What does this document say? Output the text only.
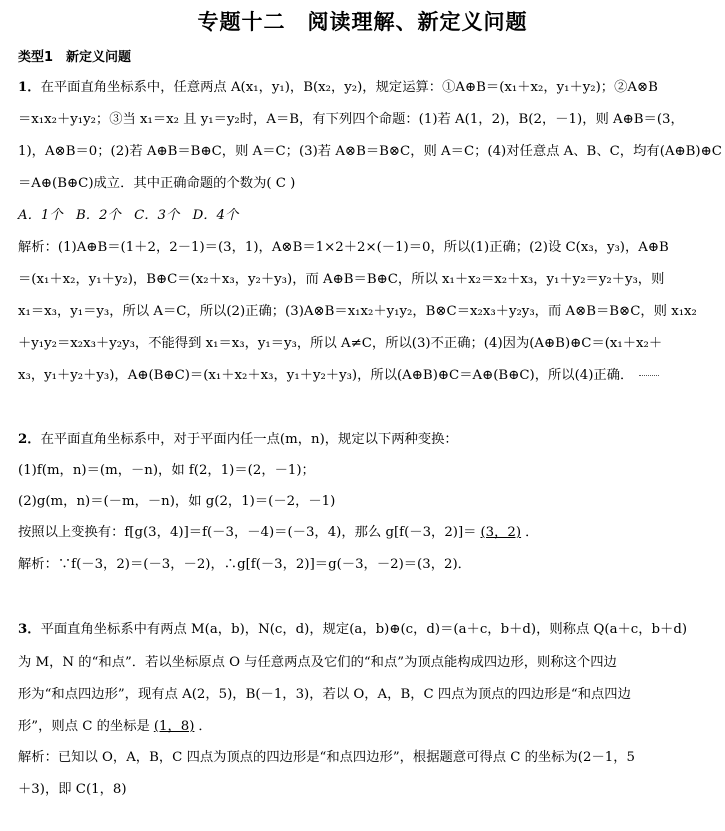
专题十二　阅读理解、新定义问题
类型1　新定义问题
1．在平面直角坐标系中，任意两点 A(x₁，y₁)，B(x₂，y₂)，规定运算：①A⊕B＝(x₁＋x₂，y₁＋y₂)；②A⊗B
＝x₁x₂＋y₁y₂；③当 x₁＝x₂ 且 y₁＝y₂时，A＝B，有下列四个命题：(1)若 A(1，2)，B(2，－1)，则 A⊕B＝(3，
1)，A⊗B＝0；(2)若 A⊕B＝B⊕C，则 A＝C；(3)若 A⊗B＝B⊗C，则 A＝C；(4)对任意点 A、B、C，均有(A⊕B)⊕C
＝A⊕(B⊕C)成立．其中正确命题的个数为( C )
A．1个　B．2个　C．3个　D．4个
解析：(1)A⊕B＝(1＋2，2－1)＝(3，1)，A⊗B＝1×2＋2×(－1)＝0，所以(1)正确；(2)设 C(x₃，y₃)，A⊕B
＝(x₁＋x₂，y₁＋y₂)，B⊕C＝(x₂＋x₃，y₂＋y₃)，而 A⊕B＝B⊕C，所以 x₁＋x₂＝x₂＋x₃，y₁＋y₂＝y₂＋y₃，则
x₁＝x₃，y₁＝y₃，所以 A＝C，所以(2)正确；(3)A⊗B＝x₁x₂＋y₁y₂，B⊗C＝x₂x₃＋y₂y₃，而 A⊗B＝B⊗C，则 x₁x₂
＋y₁y₂＝x₂x₃＋y₂y₃，不能得到 x₁＝x₃，y₁＝y₃，所以 A≠C，所以(3)不正确；(4)因为(A⊕B)⊕C＝(x₁＋x₂＋
x₃，y₁＋y₂＋y₃)，A⊕(B⊕C)＝(x₁＋x₂＋x₃，y₁＋y₂＋y₃)，所以(A⊕B)⊕C＝A⊕(B⊕C)，所以(4)正确．
2．在平面直角坐标系中，对于平面内任一点(m，n)，规定以下两种变换：
(1)f(m，n)＝(m，－n)，如 f(2，1)＝(2，－1)；
(2)g(m，n)＝(－m，－n)，如 g(2，1)＝(－2，－1)
按照以上变换有：f[g(3，4)]＝f(－3，－4)＝(－3，4)，那么 g[f(－3，2)]＝ (3，2) ．
解析：∵f(－3，2)＝(－3，－2)，∴g[f(－3，2)]＝g(－3，－2)＝(3，2)．
3．平面直角坐标系中有两点 M(a，b)，N(c，d)，规定(a，b)⊕(c，d)＝(a＋c，b＋d)，则称点 Q(a＋c，b＋d)
为 M，N 的“和点”．若以坐标原点 O 与任意两点及它们的“和点”为顶点能构成四边形，则称这个四边
形为“和点四边形”，现有点 A(2，5)，B(－1，3)，若以 O，A，B，C 四点为顶点的四边形是“和点四边
形”，则点 C 的坐标是 (1，8) ．
解析：已知以 O，A，B，C 四点为顶点的四边形是“和点四边形”，根据题意可得点 C 的坐标为(2－1，5
＋3)，即 C(1，8)
